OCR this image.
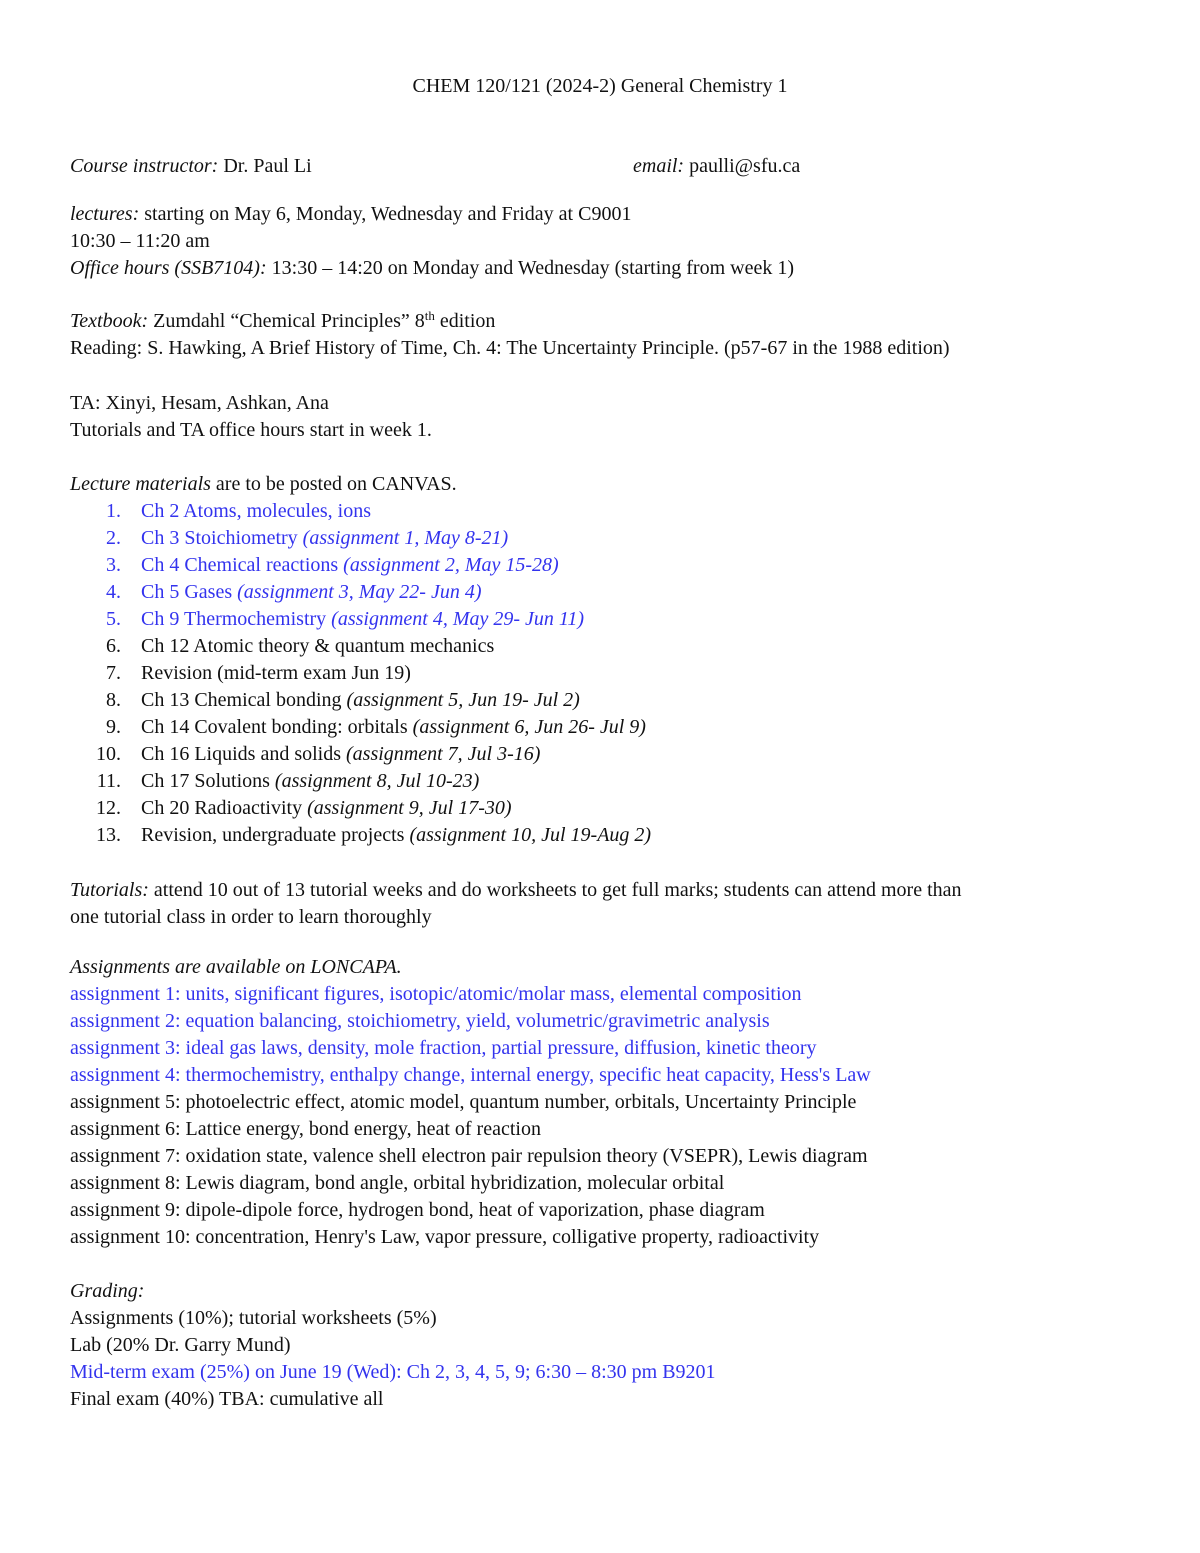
CHEM 120/121 (2024-2) General Chemistry 1
Course instructor: Dr. Paul Li	email: paulli@sfu.ca
lectures: starting on May 6, Monday, Wednesday and Friday at C9001
10:30 – 11:20 am
Office hours (SSB7104): 13:30 – 14:20 on Monday and Wednesday (starting from week 1)
Textbook: Zumdahl “Chemical Principles” 8th edition
Reading: S. Hawking, A Brief History of Time, Ch. 4: The Uncertainty Principle. (p57-67 in the 1988 edition)
TA: Xinyi, Hesam, Ashkan, Ana
Tutorials and TA office hours start in week 1.
Lecture materials are to be posted on CANVAS.
1. Ch 2 Atoms, molecules, ions
2. Ch 3 Stoichiometry (assignment 1, May 8-21)
3. Ch 4 Chemical reactions (assignment 2, May 15-28)
4. Ch 5 Gases (assignment 3, May 22- Jun 4)
5. Ch 9 Thermochemistry (assignment 4, May 29- Jun 11)
6. Ch 12 Atomic theory & quantum mechanics
7. Revision (mid-term exam Jun 19)
8. Ch 13 Chemical bonding (assignment 5, Jun 19- Jul 2)
9. Ch 14 Covalent bonding: orbitals (assignment 6, Jun 26- Jul 9)
10. Ch 16 Liquids and solids (assignment 7, Jul 3-16)
11. Ch 17 Solutions (assignment 8, Jul 10-23)
12. Ch 20 Radioactivity (assignment 9, Jul 17-30)
13. Revision, undergraduate projects (assignment 10, Jul 19-Aug 2)
Tutorials: attend 10 out of 13 tutorial weeks and do worksheets to get full marks; students can attend more than
one tutorial class in order to learn thoroughly
Assignments are available on LONCAPA.
assignment 1: units, significant figures, isotopic/atomic/molar mass, elemental composition
assignment 2: equation balancing, stoichiometry, yield, volumetric/gravimetric analysis
assignment 3: ideal gas laws, density, mole fraction, partial pressure, diffusion, kinetic theory
assignment 4: thermochemistry, enthalpy change, internal energy, specific heat capacity, Hess's Law
assignment 5: photoelectric effect, atomic model, quantum number, orbitals, Uncertainty Principle
assignment 6: Lattice energy, bond energy, heat of reaction
assignment 7: oxidation state, valence shell electron pair repulsion theory (VSEPR), Lewis diagram
assignment 8: Lewis diagram, bond angle, orbital hybridization, molecular orbital
assignment 9: dipole-dipole force, hydrogen bond, heat of vaporization, phase diagram
assignment 10: concentration, Henry's Law, vapor pressure, colligative property, radioactivity
Grading:
Assignments (10%); tutorial worksheets (5%)
Lab (20% Dr. Garry Mund)
Mid-term exam (25%) on June 19 (Wed): Ch 2, 3, 4, 5, 9; 6:30 – 8:30 pm B9201
Final exam (40%) TBA: cumulative all
